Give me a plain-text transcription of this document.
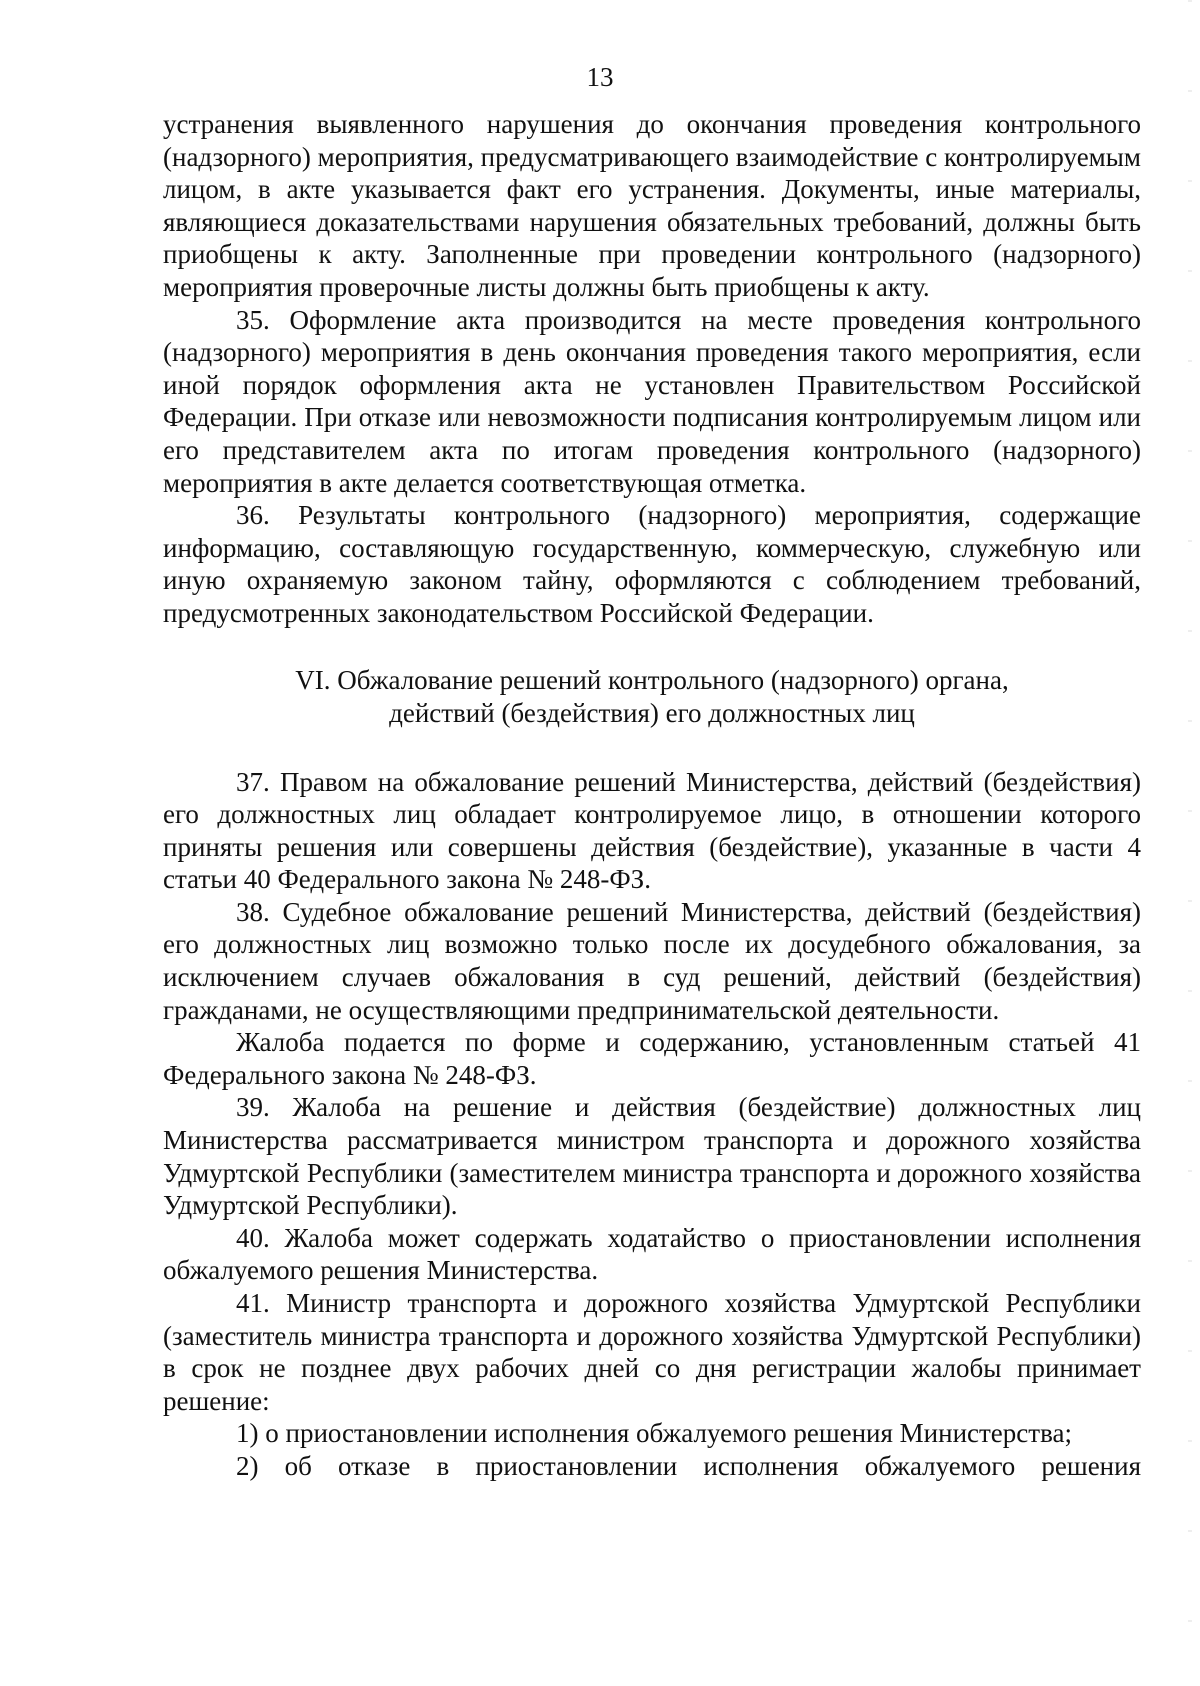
13

устранения выявленного нарушения до окончания проведения контрольного (надзорного) мероприятия, предусматривающего взаимодействие с контролируемым лицом, в акте указывается факт его устранения. Документы, иные материалы, являющиеся доказательствами нарушения обязательных требований, должны быть приобщены к акту. Заполненные при проведении контрольного (надзорного) мероприятия проверочные листы должны быть приобщены к акту.

35. Оформление акта производится на месте проведения контрольного (надзорного) мероприятия в день окончания проведения такого мероприятия, если иной порядок оформления акта не установлен Правительством Российской Федерации. При отказе или невозможности подписания контролируемым лицом или его представителем акта по итогам проведения контрольного (надзорного) мероприятия в акте делается соответствующая отметка.

36. Результаты контрольного (надзорного) мероприятия, содержащие информацию, составляющую государственную, коммерческую, служебную или иную охраняемую законом тайну, оформляются с соблюдением требований, предусмотренных законодательством Российской Федерации.

VI. Обжалование решений контрольного (надзорного) органа,
действий (бездействия) его должностных лиц

37. Правом на обжалование решений Министерства, действий (бездействия) его должностных лиц обладает контролируемое лицо, в отношении которого приняты решения или совершены действия (бездействие), указанные в части 4 статьи 40 Федерального закона № 248-ФЗ.

38. Судебное обжалование решений Министерства, действий (бездействия) его должностных лиц возможно только после их досудебного обжалования, за исключением случаев обжалования в суд решений, действий (бездействия) гражданами, не осуществляющими предпринимательской деятельности.

Жалоба подается по форме и содержанию, установленным статьей 41 Федерального закона № 248-ФЗ.

39. Жалоба на решение и действия (бездействие) должностных лиц Министерства рассматривается министром транспорта и дорожного хозяйства Удмуртской Республики (заместителем министра транспорта и дорожного хозяйства Удмуртской Республики).

40. Жалоба может содержать ходатайство о приостановлении исполнения обжалуемого решения Министерства.

41. Министр транспорта и дорожного хозяйства Удмуртской Республики (заместитель министра транспорта и дорожного хозяйства Удмуртской Республики) в срок не позднее двух рабочих дней со дня регистрации жалобы принимает решение:

1) о приостановлении исполнения обжалуемого решения Министерства;

2) об отказе в приостановлении исполнения обжалуемого решения
